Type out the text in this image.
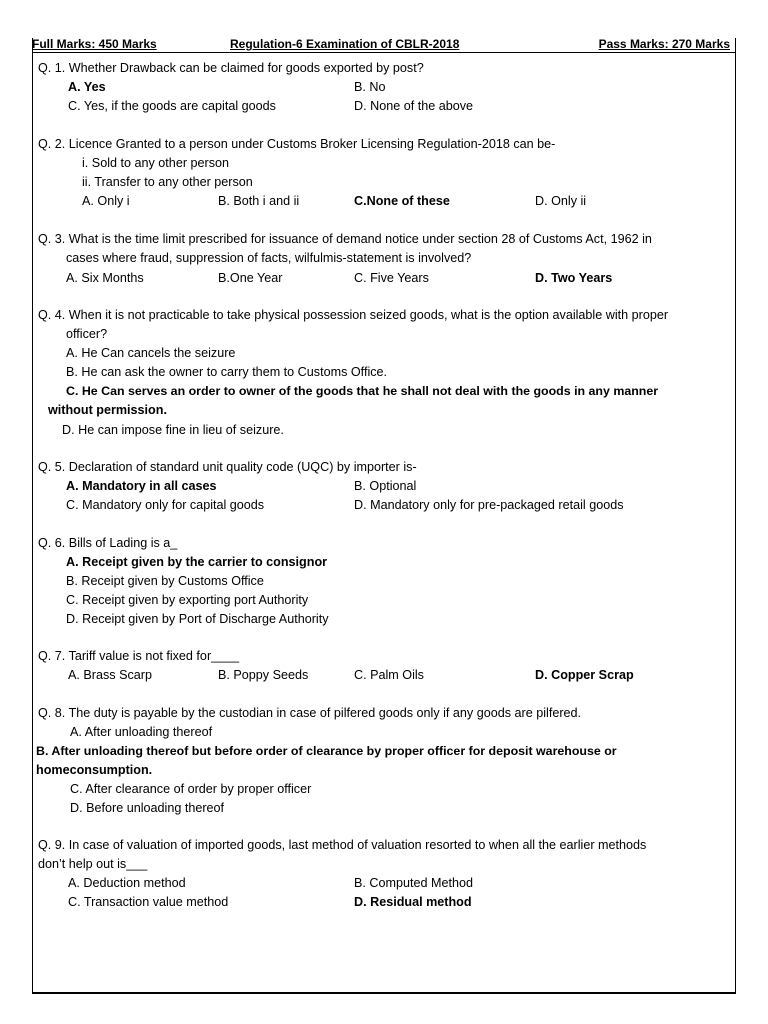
Full Marks: 450 Marks	Regulation-6 Examination of CBLR-2018	Pass Marks: 270 Marks
Q. 1. Whether Drawback can be claimed for goods exported by post?
A. Yes	B. No
C. Yes, if the goods are capital goods	D. None of the above
Q. 2. Licence Granted to a person under Customs Broker Licensing Regulation-2018 can be-
i. Sold to any other person
ii. Transfer to any other person
A. Only i	B. Both i and ii	C.None of these	D. Only ii
Q. 3. What is the time limit prescribed for issuance of demand notice under section 28 of Customs Act, 1962 in
cases where fraud, suppression of facts, wilfulmis-statement is involved?
A. Six Months	B.One Year	C. Five Years	D. Two Years
Q. 4. When it is not practicable to take physical possession seized goods, what is the option available with proper
officer?
A. He Can cancels the seizure
B. He can ask the owner to carry them to Customs Office.
C. He Can serves an order to owner of the goods that he shall not deal with the goods in any manner
without permission.
D. He can impose fine in lieu of seizure.
Q. 5. Declaration of standard unit quality code (UQC) by importer is-
A. Mandatory in all cases	B. Optional
C. Mandatory only for capital goods	D. Mandatory only for pre-packaged retail goods
Q. 6. Bills of Lading is a_
A. Receipt given by the carrier to consignor
B. Receipt given by Customs Office
C. Receipt given by exporting port Authority
D. Receipt given by Port of Discharge Authority
Q. 7. Tariff value is not fixed for____
A. Brass Scarp	B. Poppy Seeds	C. Palm Oils	D. Copper Scrap
Q. 8. The duty is payable by the custodian in case of pilfered goods only if any goods are pilfered.
A. After unloading thereof
B. After unloading thereof but before order of clearance by proper officer for deposit warehouse or
homeconsumption.
C. After clearance of order by proper officer
D. Before unloading thereof
Q. 9. In case of valuation of imported goods, last method of valuation resorted to when all the earlier methods
don’t help out is___
A. Deduction method	B. Computed Method
C. Transaction value method	D. Residual method
